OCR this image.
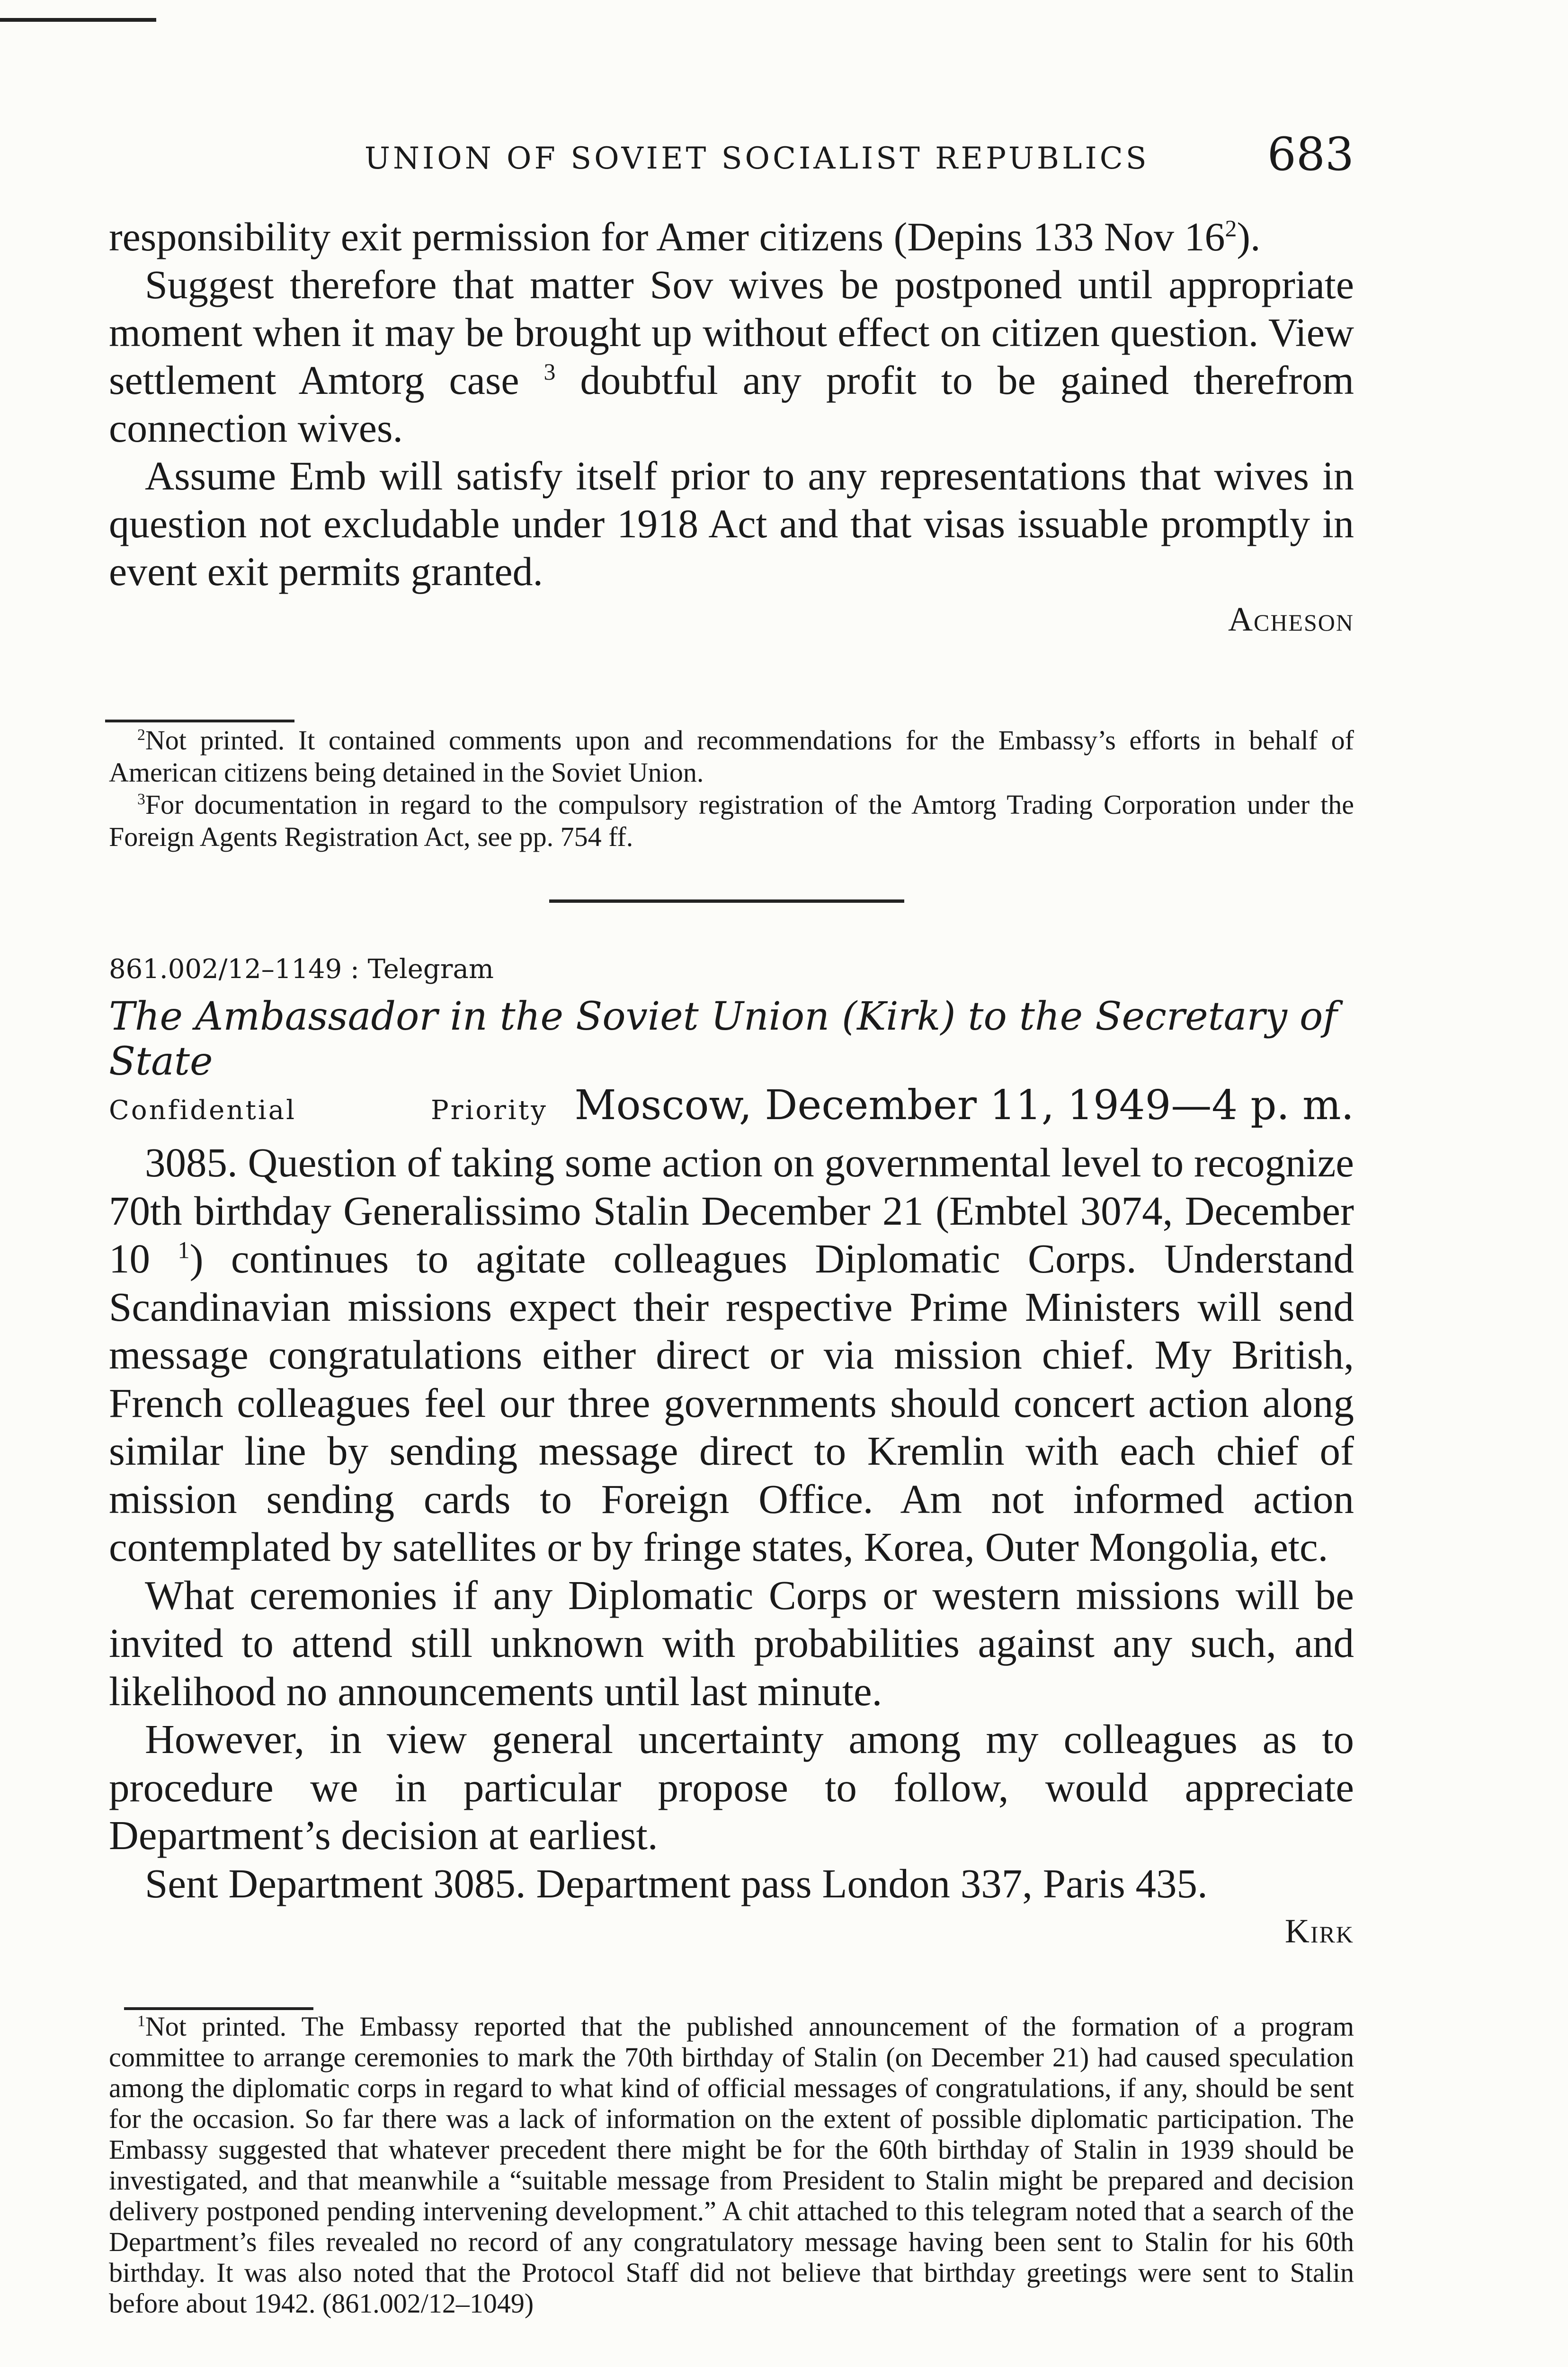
UNION OF SOVIET SOCIALIST REPUBLICS	683

responsibility exit permission for Amer citizens (Depins 133 Nov $16^2$).

Suggest therefore that matter Sov wives be postponed until appropriate moment when it may be brought up without effect on citizen question. View settlement Amtorg case $^3$ doubtful any profit to be gained therefrom connection wives.

Assume Emb will satisfy itself prior to any representations that wives in question not excludable under 1918 Act and that visas issuable promptly in event exit permits granted.

Acheson

$^2$Not printed. It contained comments upon and recommendations for the Embassy’s efforts in behalf of American citizens being detained in the Soviet Union.

$^3$For documentation in regard to the compulsory registration of the Amtorg Trading Corporation under the Foreign Agents Registration Act, see pp. 754 ff.

861.002/12–1149 : Telegram
The Ambassador in the Soviet Union (Kirk) to the Secretary of State
Confidential	Priority Moscow, December 11, 1949—4 p. m.

3085. Question of taking some action on governmental level to recognize 70th birthday Generalissimo Stalin December 21 (Embtel 3074, December 10 $^1$) continues to agitate colleagues Diplomatic Corps. Understand Scandinavian missions expect their respective Prime Ministers will send message congratulations either direct or via mission chief. My British, French colleagues feel our three governments should concert action along similar line by sending message direct to Kremlin with each chief of mission sending cards to Foreign Office. Am not informed action contemplated by satellites or by fringe states, Korea, Outer Mongolia, etc.

What ceremonies if any Diplomatic Corps or western missions will be invited to attend still unknown with probabilities against any such, and likelihood no announcements until last minute.

However, in view general uncertainty among my colleagues as to procedure we in particular propose to follow, would appreciate Department’s decision at earliest.

Sent Department 3085. Department pass London 337, Paris 435.

Kirk

$^1$Not printed. The Embassy reported that the published announcement of the formation of a program committee to arrange ceremonies to mark the 70th birthday of Stalin (on December 21) had caused speculation among the diplomatic corps in regard to what kind of official messages of congratulations, if any, should be sent for the occasion. So far there was a lack of information on the extent of possible diplomatic participation. The Embassy suggested that whatever precedent there might be for the 60th birthday of Stalin in 1939 should be investigated, and that meanwhile a “suitable message from President to Stalin might be prepared and decision delivery postponed pending intervening development.” A chit attached to this telegram noted that a search of the Department’s files revealed no record of any congratulatory message having been sent to Stalin for his 60th birthday. It was also noted that the Protocol Staff did not believe that birthday greetings were sent to Stalin before about 1942. (861.002/12–1049)
